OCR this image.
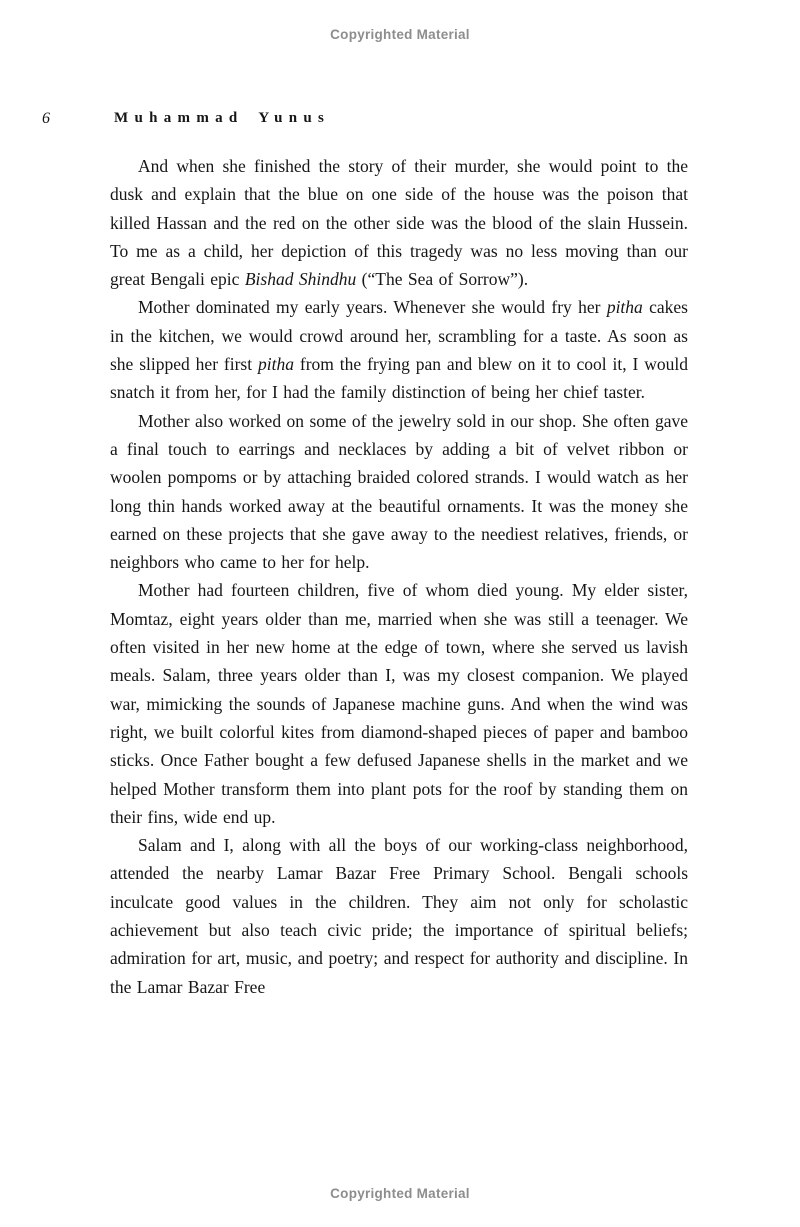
Copyrighted Material
6	Muhammad Yunus

And when she finished the story of their murder, she would point to the dusk and explain that the blue on one side of the house was the poison that killed Hassan and the red on the other side was the blood of the slain Hussein. To me as a child, her depiction of this tragedy was no less moving than our great Bengali epic Bishad Shindhu (“The Sea of Sorrow”).

Mother dominated my early years. Whenever she would fry her pitha cakes in the kitchen, we would crowd around her, scrambling for a taste. As soon as she slipped her first pitha from the frying pan and blew on it to cool it, I would snatch it from her, for I had the family distinction of being her chief taster.

Mother also worked on some of the jewelry sold in our shop. She often gave a final touch to earrings and necklaces by adding a bit of velvet ribbon or woolen pompoms or by attaching braided colored strands. I would watch as her long thin hands worked away at the beautiful ornaments. It was the money she earned on these projects that she gave away to the neediest relatives, friends, or neighbors who came to her for help.

Mother had fourteen children, five of whom died young. My elder sister, Momtaz, eight years older than me, married when she was still a teenager. We often visited in her new home at the edge of town, where she served us lavish meals. Salam, three years older than I, was my closest companion. We played war, mimicking the sounds of Japanese machine guns. And when the wind was right, we built colorful kites from diamond-shaped pieces of paper and bamboo sticks. Once Father bought a few defused Japanese shells in the market and we helped Mother transform them into plant pots for the roof by standing them on their fins, wide end up.

Salam and I, along with all the boys of our working-class neighborhood, attended the nearby Lamar Bazar Free Primary School. Bengali schools inculcate good values in the children. They aim not only for scholastic achievement but also teach civic pride; the importance of spiritual beliefs; admiration for art, music, and poetry; and respect for authority and discipline. In the Lamar Bazar Free

Copyrighted Material
